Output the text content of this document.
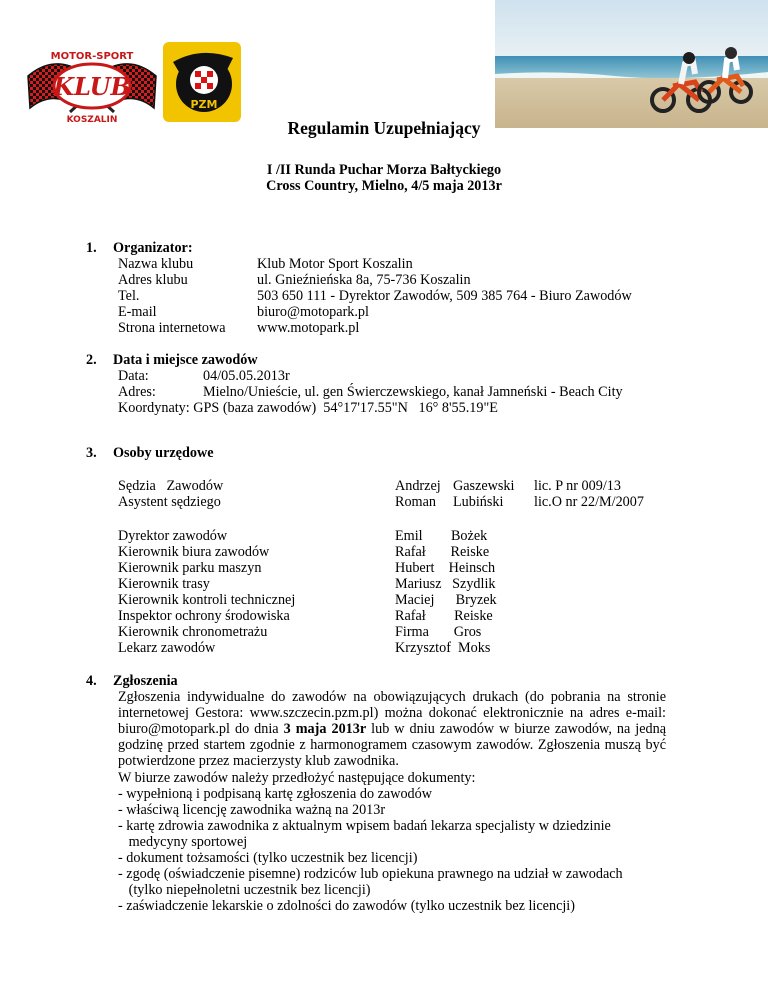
MOTOR-SPORT
KLUB
KOSZALIN
PZM
Regulamin Uzupełniający
I /II Runda Puchar Morza Bałtyckiego
Cross Country, Mielno, 4/5 maja 2013r
1. Organizator:
Nazwa klubu	Klub Motor Sport Koszalin
Adres klubu	ul. Gnieźnieńska 8a, 75-736 Koszalin
Tel.	503 650 111 - Dyrektor Zawodów, 509 385 764 - Biuro Zawodów
E-mail	biuro@motopark.pl
Strona internetowa www.motopark.pl
2. Data i miejsce zawodów
Data:	04/05.05.2013r
Adres:	Mielno/Unieście, ul. gen Świerczewskiego, kanał Jamneński - Beach City
Koordynaty: GPS (baza zawodów)  54°17'17.55"N   16° 8'55.19"E
3. Osoby urzędowe
Sędzia   Zawodów	Andrzej Gaszewski lic. P nr 009/13
Asystent sędziego	Roman Lubiński lic.O nr 22/M/2007
Dyrektor zawodów	Emil        Bożek
Kierownik biura zawodów	Rafał       Reiske
Kierownik parku maszyn	Hubert    Heinsch
Kierownik trasy	Mariusz   Szydlik
Kierownik kontroli technicznej	Maciej      Bryzek
Inspektor ochrony środowiska	Rafał        Reiske
Kierownik chronometrażu	Firma       Gros
Lekarz zawodów	Krzysztof  Moks
4. Zgłoszenia
Zgłoszenia indywidualne do zawodów na obowiązujących drukach (do pobrania na stronie internetowej Gestora: www.szczecin.pzm.pl) można dokonać elektronicznie na adres e-mail: biuro@motopark.pl do dnia 3 maja 2013r lub w dniu zawodów w biurze zawodów, na jedną godzinę przed startem zgodnie z harmonogramem czasowym zawodów. Zgłoszenia muszą być potwierdzone przez macierzysty klub zawodnika.
W biurze zawodów należy przedłożyć następujące dokumenty:
- wypełnioną i podpisaną kartę zgłoszenia do zawodów
- właściwą licencję zawodnika ważną na 2013r
- kartę zdrowia zawodnika z aktualnym wpisem badań lekarza specjalisty w dziedzinie
medycyny sportowej
- dokument tożsamości (tylko uczestnik bez licencji)
- zgodę (oświadczenie pisemne) rodziców lub opiekuna prawnego na udział w zawodach
(tylko niepełnoletni uczestnik bez licencji)
- zaświadczenie lekarskie o zdolności do zawodów (tylko uczestnik bez licencji)
